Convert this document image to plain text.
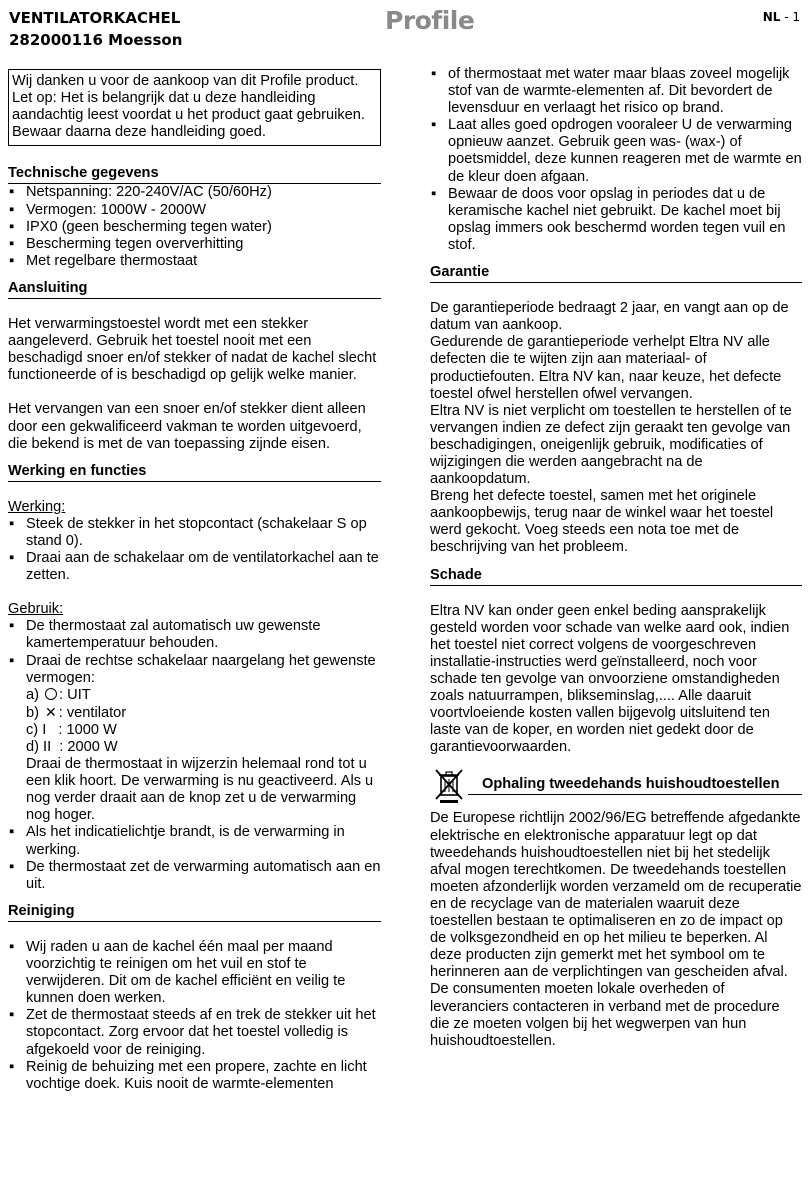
VENTILATORKACHEL
282000116 Moesson
Profile	NL - 1

Wij danken u voor de aankoop van dit Profile product. Let op: Het is belangrijk dat u deze handleiding aandachtig leest voordat u het product gaat gebruiken. Bewaar daarna deze handleiding goed.

Technische gegevens
▪ Netspanning: 220-240V/AC (50/60Hz)
▪ Vermogen: 1000W - 2000W
▪ IPX0 (geen bescherming tegen water)
▪ Bescherming tegen oververhitting
▪ Met regelbare thermostaat
Aansluiting

Het verwarmingstoestel wordt met een stekker aangeleverd. Gebruik het toestel nooit met een beschadigd snoer en/of stekker of nadat de kachel slecht functioneerde of is beschadigd op gelijk welke manier.

Het vervangen van een snoer en/of stekker dient alleen door een gekwalificeerd vakman te worden uitgevoerd, die bekend is met de van toepassing zijnde eisen.

Werking en functies

Werking:

▪ Steek de stekker in het stopcontact (schakelaar S op stand 0).
▪ Draai aan de schakelaar om de ventilatorkachel aan te zetten.

Gebruik:

▪ De thermostaat zal automatisch uw gewenste kamertemperatuur behouden.
▪ Draai de rechtse schakelaar naargelang het gewenste vermogen:
a) : UIT
b) ✕ : ventilator
c) I   : 1000 W
d) II  : 2000 W
Draai de thermostaat in wijzerzin helemaal rond tot u een klik hoort. De verwarming is nu geactiveerd. Als u nog verder draait aan de knop zet u de verwarming nog hoger.
▪ Als het indicatielichtje brandt, is de verwarming in werking.
▪ De thermostaat zet de verwarming automatisch aan en uit.
Reiniging
▪ Wij raden u aan de kachel één maal per maand voorzichtig te reinigen om het vuil en stof te verwijderen. Dit om de kachel efficiënt en veilig te kunnen doen werken.
▪ Zet de thermostaat steeds af en trek de stekker uit het stopcontact. Zorg ervoor dat het toestel volledig is afgekoeld voor de reiniging.
▪ Reinig de behuizing met een propere, zachte en licht vochtige doek. Kuis nooit de warmte-elementen
▪ of thermostaat met water maar blaas zoveel mogelijk stof van de warmte-elementen af. Dit bevordert de levensduur en verlaagt het risico op brand.
▪ Laat alles goed opdrogen vooraleer U de verwarming opnieuw aanzet. Gebruik geen was- (wax-) of poetsmiddel, deze kunnen reageren met de warmte en de kleur doen afgaan.
▪ Bewaar de doos voor opslag in periodes dat u de keramische kachel niet gebruikt. De kachel moet bij opslag immers ook beschermd worden tegen vuil en stof.
Garantie

De garantieperiode bedraagt 2 jaar, en vangt aan op de datum van aankoop.

Gedurende de garantieperiode verhelpt Eltra NV alle defecten die te wijten zijn aan materiaal- of productiefouten. Eltra NV kan, naar keuze, het defecte toestel ofwel herstellen ofwel vervangen.

Eltra NV is niet verplicht om toestellen te herstellen of te vervangen indien ze defect zijn geraakt ten gevolge van beschadigingen, oneigenlijk gebruik, modificaties of wijzigingen die werden aangebracht na de aankoopdatum.

Breng het defecte toestel, samen met het originele aankoopbewijs, terug naar de winkel waar het toestel werd gekocht. Voeg steeds een nota toe met de beschrijving van het probleem.

Schade

Eltra NV kan onder geen enkel beding aansprakelijk gesteld worden voor schade van welke aard ook, indien het toestel niet correct volgens de voorgeschreven installatie-instructies werd geïnstalleerd, noch voor schade ten gevolge van onvoorziene omstandigheden zoals natuurrampen, blikseminslag,.... Alle daaruit voortvloeiende kosten vallen bijgevolg uitsluitend ten laste van de koper, en worden niet gedekt door de garantievoorwaarden.

Ophaling tweedehands huishoudtoestellen

De Europese richtlijn 2002/96/EG betreffende afgedankte elektrische en elektronische apparatuur legt op dat tweedehands huishoudtoestellen niet bij het stedelijk afval mogen terechtkomen. De tweedehands toestellen moeten afzonderlijk worden verzameld om de recuperatie en de recyclage van de materialen waaruit deze toestellen bestaan te optimaliseren en zo de impact op de volksgezondheid en op het milieu te beperken. Al deze producten zijn gemerkt met het symbool om te herinneren aan de verplichtingen van gescheiden afval.

De consumenten moeten lokale overheden of leveranciers contacteren in verband met de procedure die ze moeten volgen bij het wegwerpen van hun huishoudtoestellen.
